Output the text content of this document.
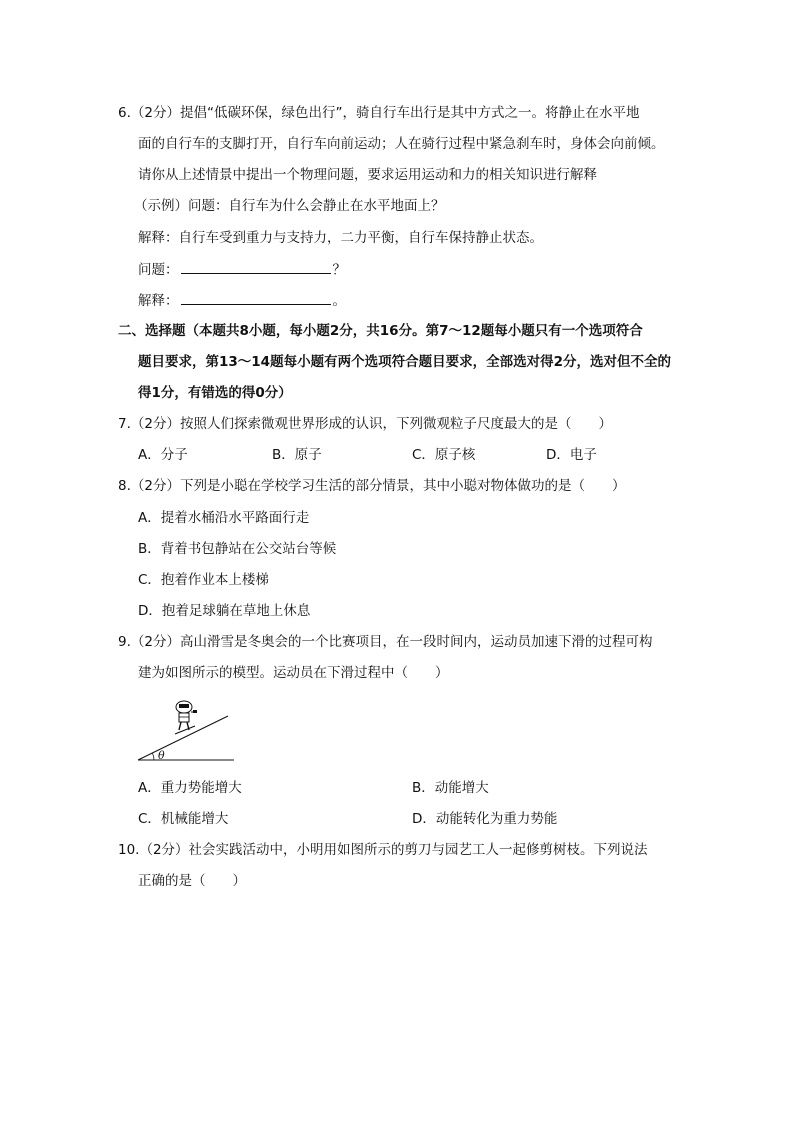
6.（2分）提倡“低碳环保，绿色出行”，骑自行车出行是其中方式之一。将静止在水平地
面的自行车的支脚打开，自行车向前运动；人在骑行过程中紧急刹车时，身体会向前倾。
请你从上述情景中提出一个物理问题，要求运用运动和力的相关知识进行解释
（示例）问题：自行车为什么会静止在水平地面上？
解释：自行车受到重力与支持力，二力平衡，自行车保持静止状态。
问题：	？
解释：	。
二、选择题（本题共8小题，每小题2分，共16分。第7～12题每小题只有一个选项符合
题目要求，第13～14题每小题有两个选项符合题目要求，全部选对得2分，选对但不全的
得1分，有错选的得0分）
7.（2分）按照人们探索微观世界形成的认识，下列微观粒子尺度最大的是（　　）
A．分子	B．原子	C．原子核	D．电子
8.（2分）下列是小聪在学校学习生活的部分情景，其中小聪对物体做功的是（　　）
A．提着水桶沿水平路面行走
B．背着书包静站在公交站台等候
C．抱着作业本上楼梯
D．抱着足球躺在草地上休息
9.（2分）高山滑雪是冬奥会的一个比赛项目，在一段时间内，运动员加速下滑的过程可构
建为如图所示的模型。运动员在下滑过程中（　　）
θ
A．重力势能增大	B．动能增大
C．机械能增大	D．动能转化为重力势能
10.（2分）社会实践活动中，小明用如图所示的剪刀与园艺工人一起修剪树枝。下列说法
正确的是（　　）
